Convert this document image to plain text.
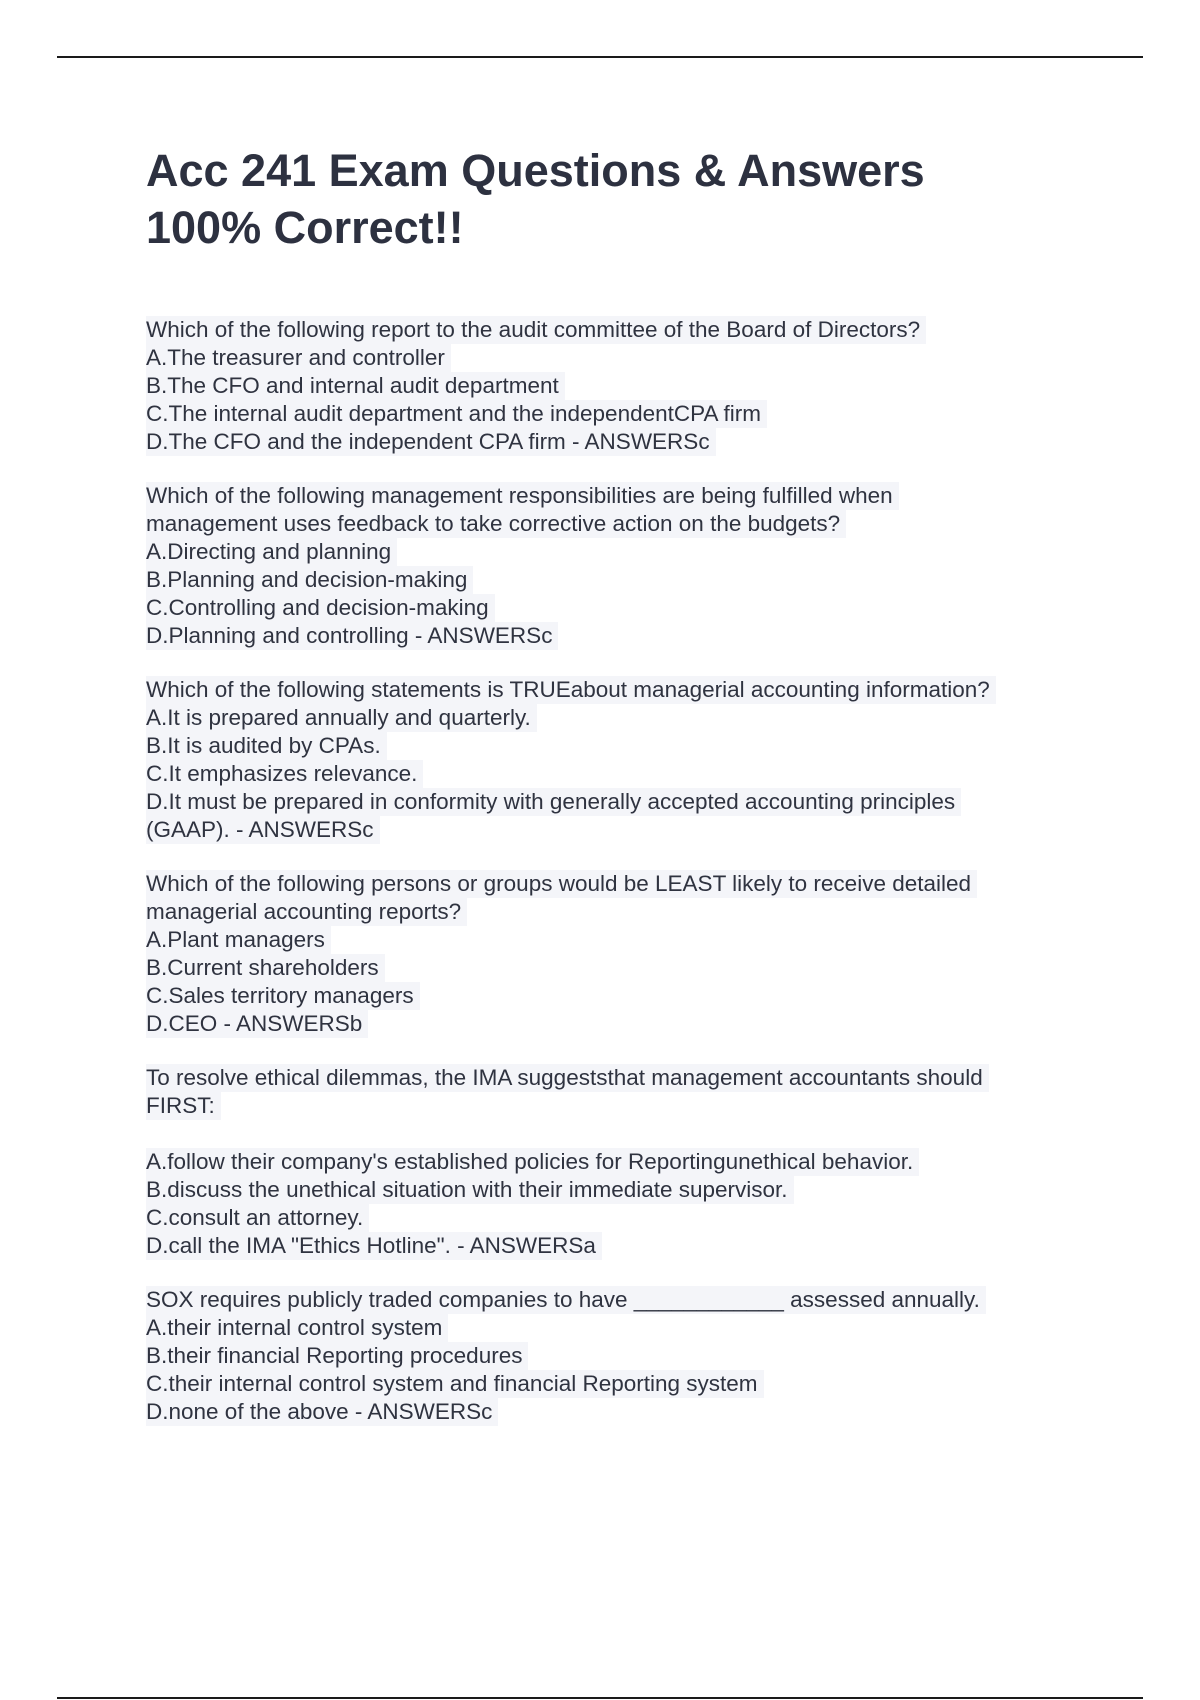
Acc 241 Exam Questions & Answers 100% Correct!!
Which of the following report to the audit committee of the Board of Directors?
A.The treasurer and controller
B.The CFO and internal audit department
C.The internal audit department and the independentCPA firm
D.The CFO and the independent CPA firm - ANSWERSc
Which of the following management responsibilities are being fulfilled when
management uses feedback to take corrective action on the budgets?
A.Directing and planning
B.Planning and decision-making
C.Controlling and decision-making
D.Planning and controlling - ANSWERSc
Which of the following statements is TRUEabout managerial accounting information?
A.It is prepared annually and quarterly.
B.It is audited by CPAs.
C.It emphasizes relevance.
D.It must be prepared in conformity with generally accepted accounting principles
(GAAP). - ANSWERSc
Which of the following persons or groups would be LEAST likely to receive detailed
managerial accounting reports?
A.Plant managers
B.Current shareholders
C.Sales territory managers
D.CEO - ANSWERSb
To resolve ethical dilemmas, the IMA suggeststhat management accountants should
FIRST:
A.follow their company's established policies for Reportingunethical behavior.
B.discuss the unethical situation with their immediate supervisor.
C.consult an attorney.
D.call the IMA "Ethics Hotline". - ANSWERSa
SOX requires publicly traded companies to have ____________ assessed annually.
A.their internal control system
B.their financial Reporting procedures
C.their internal control system and financial Reporting system
D.none of the above - ANSWERSc
